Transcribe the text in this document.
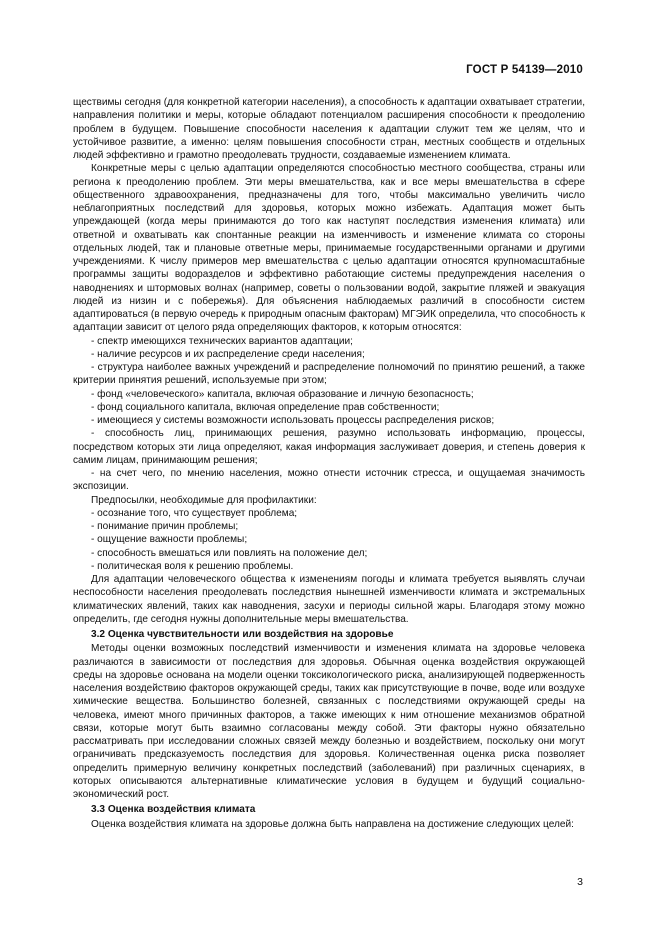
ГОСТ Р 54139—2010

ществимы сегодня (для конкретной категории населения), а способность к адаптации охватывает стратегии, направления политики и меры, которые обладают потенциалом расширения способности к преодолению проблем в будущем. Повышение способности населения к адаптации служит тем же целям, что и устойчивое развитие, а именно: целям повышения способности стран, местных сообществ и отдельных людей эффективно и грамотно преодолевать трудности, создаваемые изменением климата.

Конкретные меры с целью адаптации определяются способностью местного сообщества, страны или региона к преодолению проблем. Эти меры вмешательства, как и все меры вмешательства в сфере общественного здравоохранения, предназначены для того, чтобы максимально увеличить число неблагоприятных последствий для здоровья, которых можно избежать. Адаптация может быть упреждающей (когда меры принимаются до того как наступят последствия изменения климата) или ответной и охватывать как спонтанные реакции на изменчивость и изменение климата со стороны отдельных людей, так и плановые ответные меры, принимаемые государственными органами и другими учреждениями. К числу примеров мер вмешательства с целью адаптации относятся крупномасштабные программы защиты водоразделов и эффективно работающие системы предупреждения населения о наводнениях и штормовых волнах (например, советы о пользовании водой, закрытие пляжей и эвакуация людей из низин и с побережья). Для объяснения наблюдаемых различий в способности систем адаптироваться (в первую очередь к природным опасным факторам) МГЭИК определила, что способность к адаптации зависит от целого ряда определяющих факторов, к которым относятся:

- спектр имеющихся технических вариантов адаптации;

- наличие ресурсов и их распределение среди населения;

- структура наиболее важных учреждений и распределение полномочий по принятию решений, а также критерии принятия решений, используемые при этом;

- фонд «человеческого» капитала, включая образование и личную безопасность;

- фонд социального капитала, включая определение прав собственности;

- имеющиеся у системы возможности использовать процессы распределения рисков;

- способность лиц, принимающих решения, разумно использовать информацию, процессы, посредством которых эти лица определяют, какая информация заслуживает доверия, и степень доверия к самим лицам, принимающим решения;

- на счет чего, по мнению населения, можно отнести источник стресса, и ощущаемая значимость экспозиции.

Предпосылки, необходимые для профилактики:

- осознание того, что существует проблема;

- понимание причин проблемы;

- ощущение важности проблемы;

- способность вмешаться или повлиять на положение дел;

- политическая воля к решению проблемы.

Для адаптации человеческого общества к изменениям погоды и климата требуется выявлять случаи неспособности населения преодолевать последствия нынешней изменчивости климата и экстремальных климатических явлений, таких как наводнения, засухи и периоды сильной жары. Благодаря этому можно определить, где сегодня нужны дополнительные меры вмешательства.

3.2 Оценка чувствительности или воздействия на здоровье

Методы оценки возможных последствий изменчивости и изменения климата на здоровье человека различаются в зависимости от последствия для здоровья. Обычная оценка воздействия окружающей среды на здоровье основана на модели оценки токсикологического риска, анализирующей подверженность населения воздействию факторов окружающей среды, таких как присутствующие в почве, воде или воздухе химические вещества. Большинство болезней, связанных с последствиями окружающей среды на человека, имеют много причинных факторов, а также имеющих к ним отношение механизмов обратной связи, которые могут быть взаимно согласованы между собой. Эти факторы нужно обязательно рассматривать при исследовании сложных связей между болезнью и воздействием, поскольку они могут ограничивать предсказуемость последствия для здоровья. Количественная оценка риска позволяет определить примерную величину конкретных последствий (заболеваний) при различных сценариях, в которых описываются альтернативные климатические условия в будущем и будущий социально-экономический рост.

3.3 Оценка воздействия климата

Оценка воздействия климата на здоровье должна быть направлена на достижение следующих целей:

3
